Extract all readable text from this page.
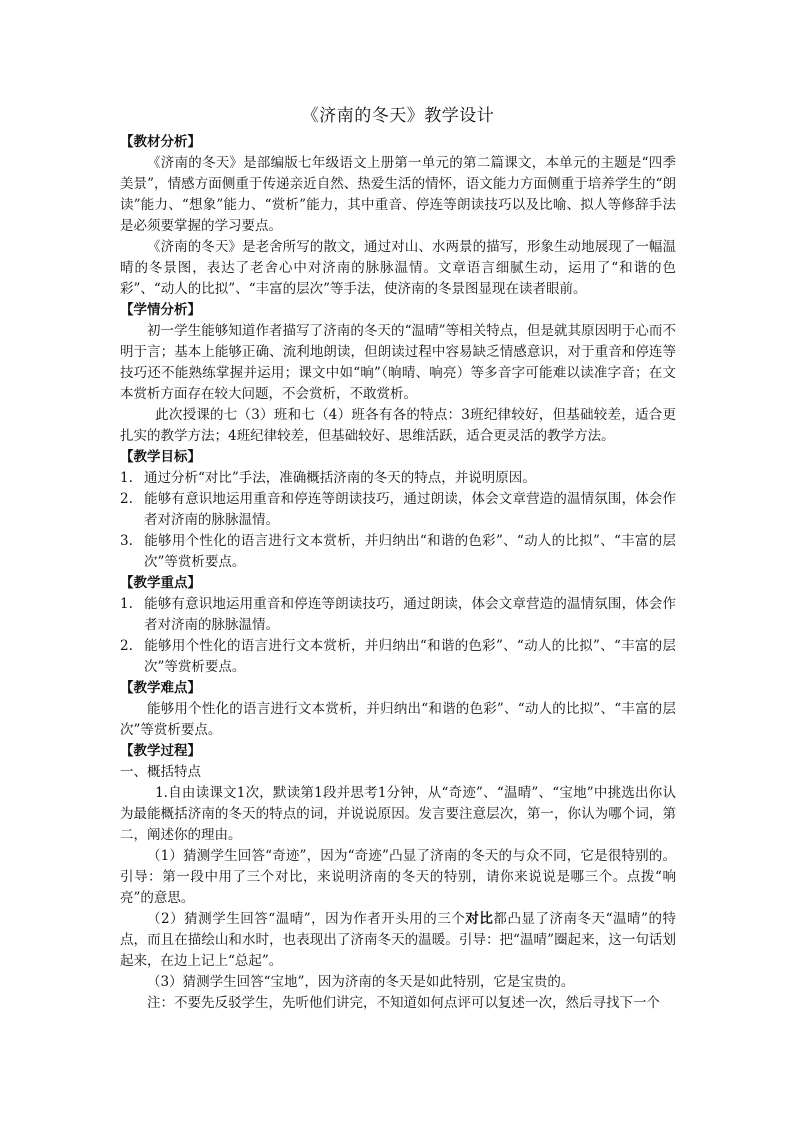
《济南的冬天》教学设计
【教材分析】

《济南的冬天》是部编版七年级语文上册第一单元的第二篇课文，本单元的主题是“四季美景”，情感方面侧重于传递亲近自然、热爱生活的情怀，语文能力方面侧重于培养学生的“朗读”能力、“想象”能力、“赏析”能力，其中重音、停连等朗读技巧以及比喻、拟人等修辞手法是必须要掌握的学习要点。

《济南的冬天》是老舍所写的散文，通过对山、水两景的描写，形象生动地展现了一幅温晴的冬景图，表达了老舍心中对济南的脉脉温情。文章语言细腻生动，运用了“和谐的色彩”、“动人的比拟”、“丰富的层次”等手法，使济南的冬景图显现在读者眼前。

【学情分析】

初一学生能够知道作者描写了济南的冬天的“温晴”等相关特点，但是就其原因明于心而不明于言；基本上能够正确、流利地朗读，但朗读过程中容易缺乏情感意识，对于重音和停连等技巧还不能熟练掌握并运用；课文中如“晌”（晌晴、响亮）等多音字可能难以读准字音；在文本赏析方面存在较大问题，不会赏析，不敢赏析。

此次授课的七（3）班和七（4）班各有各的特点：3班纪律较好，但基础较差，适合更扎实的教学方法；4班纪律较差，但基础较好、思维活跃，适合更灵活的教学方法。

【教学目标】

1. 通过分析“对比”手法，准确概括济南的冬天的特点，并说明原因。

2. 能够有意识地运用重音和停连等朗读技巧，通过朗读，体会文章营造的温情氛围，体会作者对济南的脉脉温情。

3. 能够用个性化的语言进行文本赏析，并归纳出“和谐的色彩”、“动人的比拟”、“丰富的层次”等赏析要点。

【教学重点】

1. 能够有意识地运用重音和停连等朗读技巧，通过朗读，体会文章营造的温情氛围，体会作者对济南的脉脉温情。

2. 能够用个性化的语言进行文本赏析，并归纳出“和谐的色彩”、“动人的比拟”、“丰富的层次”等赏析要点。

【教学难点】

能够用个性化的语言进行文本赏析，并归纳出“和谐的色彩”、“动人的比拟”、“丰富的层次”等赏析要点。

【教学过程】

一、概括特点

1.自由读课文1次，默读第1段并思考1分钟，从“奇迹”、“温晴”、“宝地”中挑选出你认为最能概括济南的冬天的特点的词，并说说原因。发言要注意层次，第一，你认为哪个词，第二，阐述你的理由。

（1）猜测学生回答“奇迹”，因为“奇迹”凸显了济南的冬天的与众不同，它是很特别的。引导：第一段中用了三个对比，来说明济南的冬天的特别，请你来说说是哪三个。点拨“响亮”的意思。

（2）猜测学生回答“温晴”，因为作者开头用的三个对比都凸显了济南冬天“温晴”的特点，而且在描绘山和水时，也表现出了济南冬天的温暖。引导：把“温晴”圈起来，这一句话划起来，在边上记上“总起”。

（3）猜测学生回答“宝地”，因为济南的冬天是如此特别，它是宝贵的。

注：不要先反驳学生，先听他们讲完，不知道如何点评可以复述一次，然后寻找下一个
